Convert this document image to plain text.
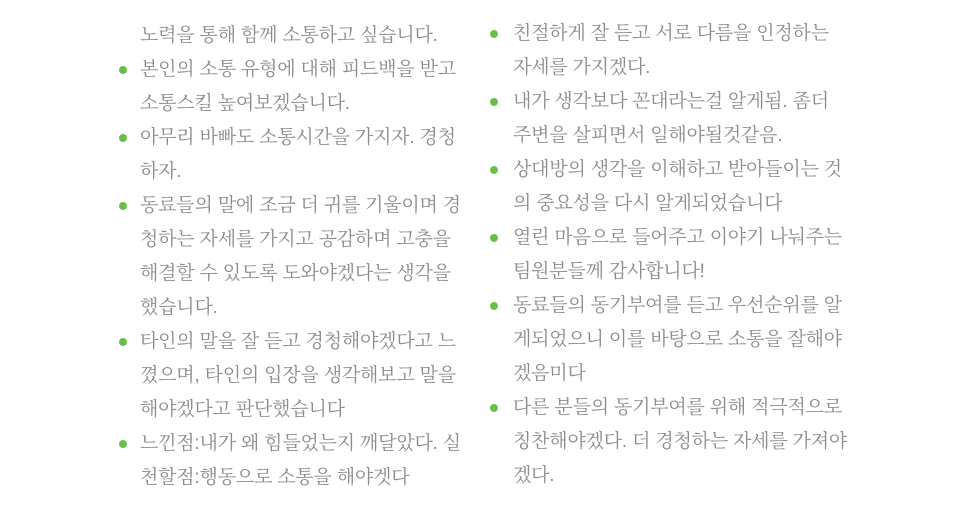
노력을 통해 함께 소통하고 싶습니다.
본인의 소통 유형에 대해 피드백을 받고 소통스킬 높여보겠습니다.
아무리 바빠도 소통시간을 가지자. 경청하자.
동료들의 말에 조금 더 귀를 기울이며 경청하는 자세를 가지고 공감하며 고충을 해결할 수 있도록 도와야겠다는 생각을 했습니다.
타인의 말을 잘 듣고 경청해야겠다고 느꼈으며, 타인의 입장을 생각해보고 말을 해야겠다고 판단했습니다
느낀점:내가 왜 힘들었는지 깨달았다. 실천할점:행동으로 소통을 해야겟다
친절하게 잘 듣고 서로 다름을 인정하는 자세를 가지겠다.
내가 생각보다 꼰대라는걸 알게됨. 좀더 주변을 살피면서 일해야될것같음.
상대방의 생각을 이해하고 받아들이는 것의 중요성을 다시 알게되었습니다
열린 마음으로 들어주고 이야기 나눠주는 팀원분들께 감사합니다!
동료들의 동기부여를 듣고 우선순위를 알게되었으니 이를 바탕으로 소통을 잘해야겠음미다
다른 분들의 동기부여를 위해 적극적으로 칭찬해야겠다. 더 경청하는 자세를 가져야겠다.
